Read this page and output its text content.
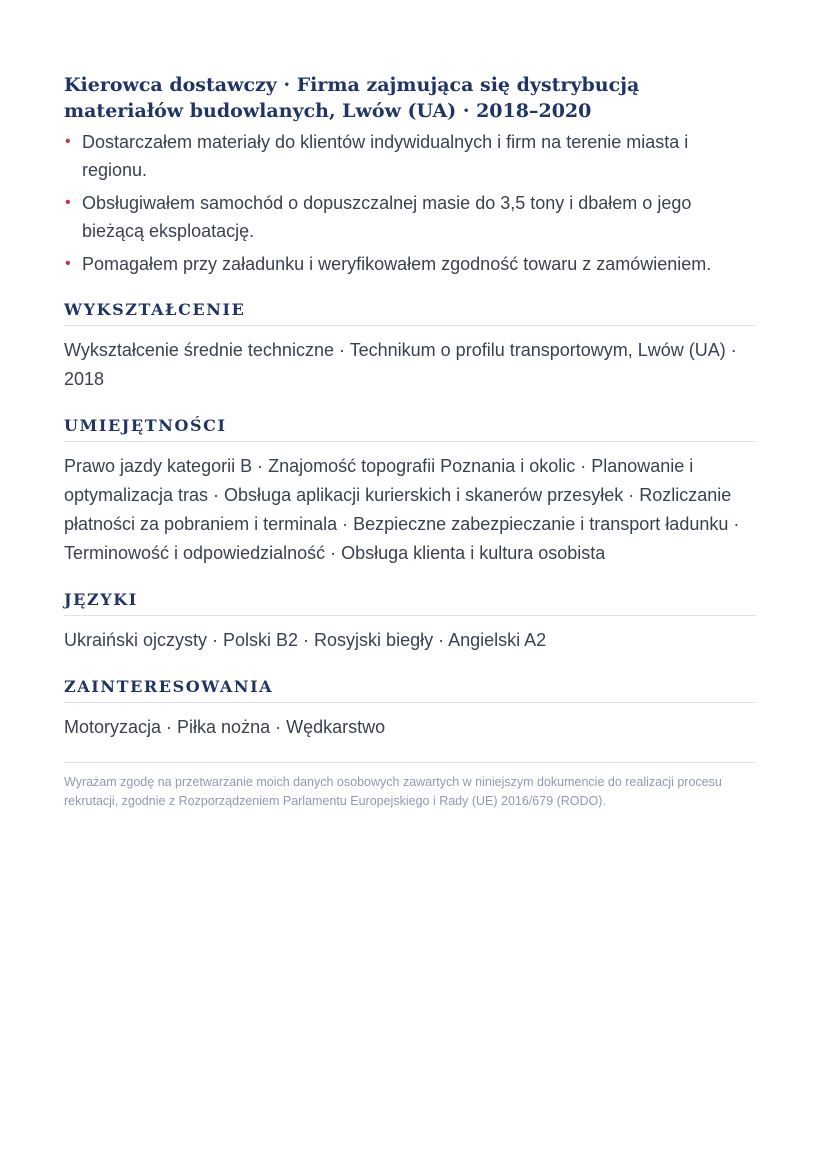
Kierowca dostawczy · Firma zajmująca się dystrybucją materiałów budowlanych, Lwów (UA) · 2018–2020
• Dostarczałem materiały do klientów indywidualnych i firm na terenie miasta i regionu.
• Obsługiwałem samochód o dopuszczalnej masie do 3,5 tony i dbałem o jego bieżącą eksploatację.
• Pomagałem przy załadunku i weryfikowałem zgodność towaru z zamówieniem.
WYKSZTAŁCENIE

Wykształcenie średnie techniczne · Technikum o profilu transportowym, Lwów (UA) · 2018

UMIEJĘTNOŚCI

Prawo jazdy kategorii B · Znajomość topografii Poznania i okolic · Planowanie i optymalizacja tras · Obsługa aplikacji kurierskich i skanerów przesyłek · Rozliczanie płatności za pobraniem i terminala · Bezpieczne zabezpieczanie i transport ładunku · Terminowość i odpowiedzialność · Obsługa klienta i kultura osobista

JĘZYKI

Ukraiński ojczysty · Polski B2 · Rosyjski biegły · Angielski A2

ZAINTERESOWANIA

Motoryzacja · Piłka nożna · Wędkarstwo

Wyrażam zgodę na przetwarzanie moich danych osobowych zawartych w niniejszym dokumencie do realizacji procesu rekrutacji, zgodnie z Rozporządzeniem Parlamentu Europejskiego i Rady (UE) 2016/679 (RODO).
